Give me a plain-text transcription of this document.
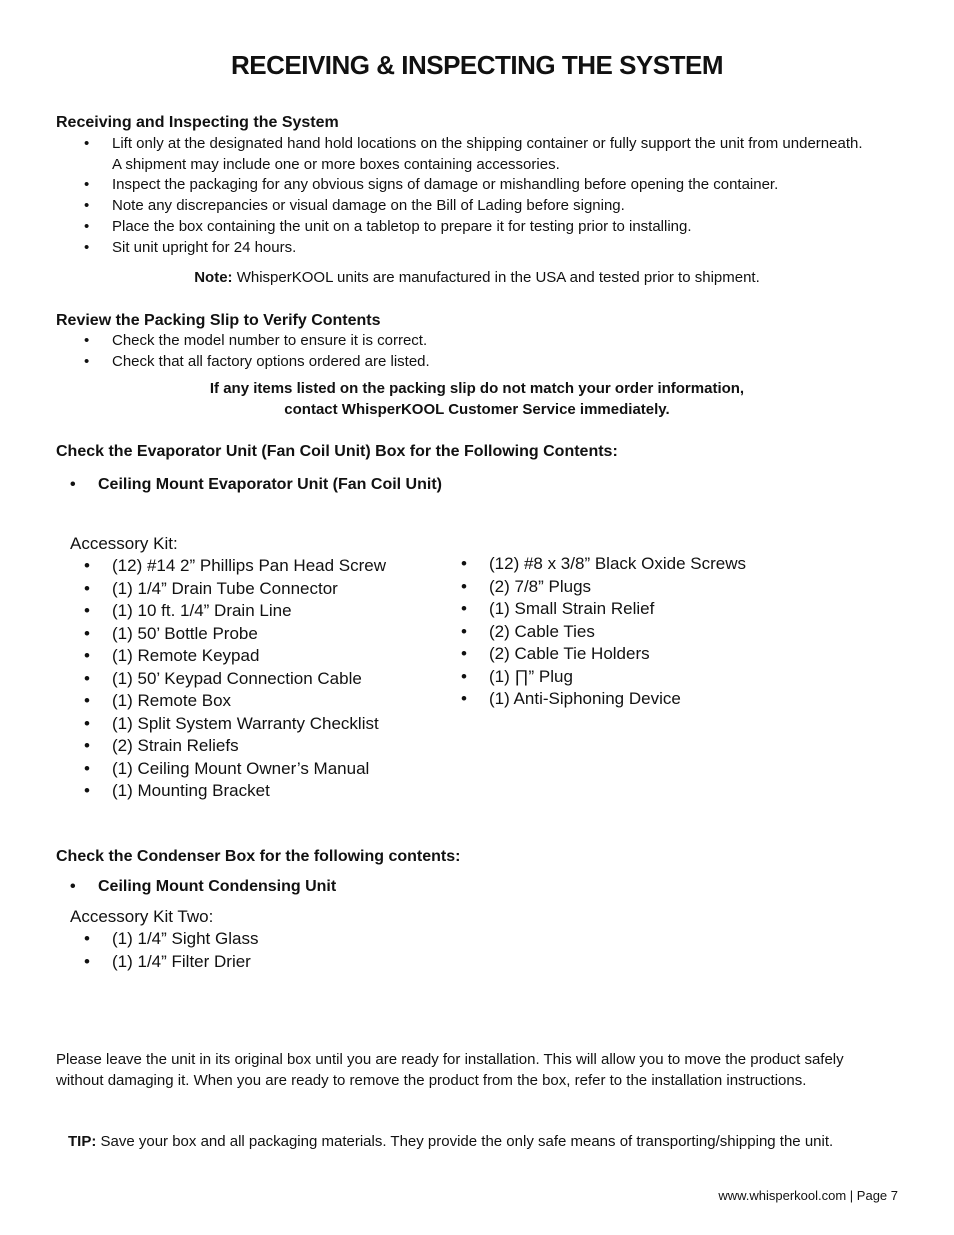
RECEIVING & INSPECTING THE SYSTEM
Receiving and Inspecting the System
• Lift only at the designated hand hold locations on the shipping container or fully support the unit from underneath. A shipment may include one or more boxes containing accessories.
• Inspect the packaging for any obvious signs of damage or mishandling before opening the container.
• Note any discrepancies or visual damage on the Bill of Lading before signing.
• Place the box containing the unit on a tabletop to prepare it for testing prior to installing.
• Sit unit upright for 24 hours.
Note: WhisperKOOL units are manufactured in the USA and tested prior to shipment.
Review the Packing Slip to Verify Contents
• Check the model number to ensure it is correct.
• Check that all factory options ordered are listed.
If any items listed on the packing slip do not match your order information,
contact WhisperKOOL Customer Service immediately.
Check the Evaporator Unit (Fan Coil Unit) Box for the Following Contents:
• Ceiling Mount Evaporator Unit (Fan Coil Unit)
Accessory Kit:
• (12) #14 2” Phillips Pan Head Screw
• (1) 1/4” Drain Tube Connector
• (1) 10 ft. 1/4” Drain Line
• (1) 50’ Bottle Probe
• (1) Remote Keypad
• (1) 50’ Keypad Connection Cable
• (1) Remote Box
• (1) Split System Warranty Checklist
• (2) Strain Reliefs
• (1) Ceiling Mount Owner’s Manual
• (1) Mounting Bracket
• (12) #8 x 3/8” Black Oxide Screws
• (2) 7/8” Plugs
• (1) Small Strain Relief
• (2) Cable Ties
• (2) Cable Tie Holders
• (1) ∏” Plug
• (1) Anti-Siphoning Device
Check the Condenser Box for the following contents:
• Ceiling Mount Condensing Unit
Accessory Kit Two:
• (1) 1/4” Sight Glass
• (1) 1/4” Filter Drier
Please leave the unit in its original box until you are ready for installation. This will allow you to move the product safely without damaging it. When you are ready to remove the product from the box, refer to the installation instructions.
TIP: Save your box and all packaging materials. They provide the only safe means of transporting/shipping the unit.
www.whisperkool.com | Page 7
